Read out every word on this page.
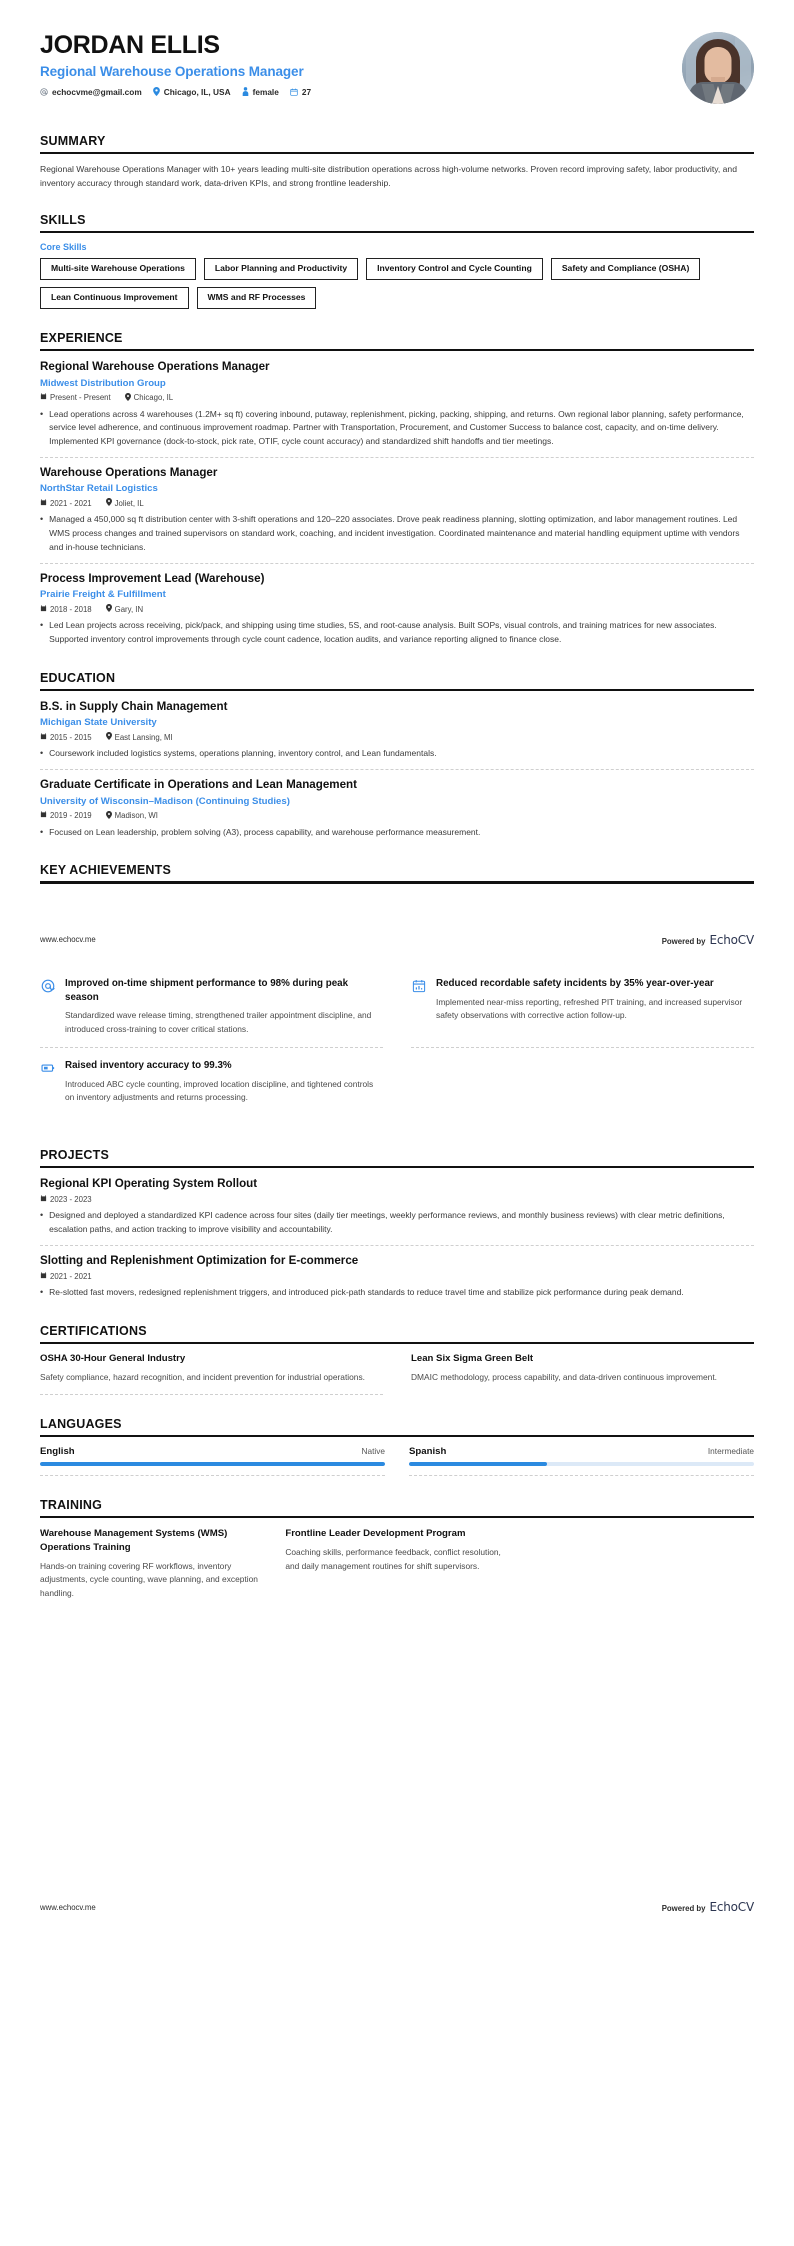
JORDAN ELLIS
Regional Warehouse Operations Manager
echocvme@gmail.com	Chicago, IL, USA	female	27
SUMMARY
Regional Warehouse Operations Manager with 10+ years leading multi-site distribution operations across high-volume networks. Proven record improving safety, labor productivity, and inventory accuracy through standard work, data-driven KPIs, and strong frontline leadership.
SKILLS
Core Skills
Multi-site Warehouse Operations	Labor Planning and Productivity	Inventory Control and Cycle Counting	Safety and Compliance (OSHA)
Lean Continuous Improvement	WMS and RF Processes
EXPERIENCE
Regional Warehouse Operations Manager
Midwest Distribution Group
Present - Present	Chicago, IL
• Lead operations across 4 warehouses (1.2M+ sq ft) covering inbound, putaway, replenishment, picking, packing, shipping, and returns. Own regional labor planning, safety performance, service level adherence, and continuous improvement roadmap. Partner with Transportation, Procurement, and Customer Success to balance cost, capacity, and on-time delivery. Implemented KPI governance (dock-to-stock, pick rate, OTIF, cycle count accuracy) and standardized shift handoffs and tier meetings.
Warehouse Operations Manager
NorthStar Retail Logistics
2021 - 2021	Joliet, IL
• Managed a 450,000 sq ft distribution center with 3-shift operations and 120–220 associates. Drove peak readiness planning, slotting optimization, and labor management routines. Led WMS process changes and trained supervisors on standard work, coaching, and incident investigation. Coordinated maintenance and material handling equipment uptime with vendors and in-house technicians.
Process Improvement Lead (Warehouse)
Prairie Freight & Fulfillment
2018 - 2018	Gary, IN
• Led Lean projects across receiving, pick/pack, and shipping using time studies, 5S, and root-cause analysis. Built SOPs, visual controls, and training matrices for new associates. Supported inventory control improvements through cycle count cadence, location audits, and variance reporting aligned to finance close.
EDUCATION
B.S. in Supply Chain Management
Michigan State University
2015 - 2015	East Lansing, MI
• Coursework included logistics systems, operations planning, inventory control, and Lean fundamentals.
Graduate Certificate in Operations and Lean Management
University of Wisconsin–Madison (Continuing Studies)
2019 - 2019	Madison, WI
• Focused on Lean leadership, problem solving (A3), process capability, and warehouse performance measurement.
KEY ACHIEVEMENTS
www.echocv.me	Powered by EchoCV
Improved on-time shipment performance to 98% during peak season
Standardized wave release timing, strengthened trailer appointment discipline, and introduced cross-training to cover critical stations.
Reduced recordable safety incidents by 35% year-over-year
Implemented near-miss reporting, refreshed PIT training, and increased supervisor safety observations with corrective action follow-up.
Raised inventory accuracy to 99.3%
Introduced ABC cycle counting, improved location discipline, and tightened controls on inventory adjustments and returns processing.
PROJECTS
Regional KPI Operating System Rollout
2023 - 2023
• Designed and deployed a standardized KPI cadence across four sites (daily tier meetings, weekly performance reviews, and monthly business reviews) with clear metric definitions, escalation paths, and action tracking to improve visibility and accountability.
Slotting and Replenishment Optimization for E-commerce
2021 - 2021
• Re-slotted fast movers, redesigned replenishment triggers, and introduced pick-path standards to reduce travel time and stabilize pick performance during peak demand.
CERTIFICATIONS
OSHA 30-Hour General Industry
Safety compliance, hazard recognition, and incident prevention for industrial operations.
Lean Six Sigma Green Belt
DMAIC methodology, process capability, and data-driven continuous improvement.
LANGUAGES
English	Native	Spanish	Intermediate
TRAINING
Warehouse Management Systems (WMS) Operations Training
Hands-on training covering RF workflows, inventory adjustments, cycle counting, wave planning, and exception handling.
Frontline Leader Development Program
Coaching skills, performance feedback, conflict resolution, and daily management routines for shift supervisors.
www.echocv.me	Powered by EchoCV
